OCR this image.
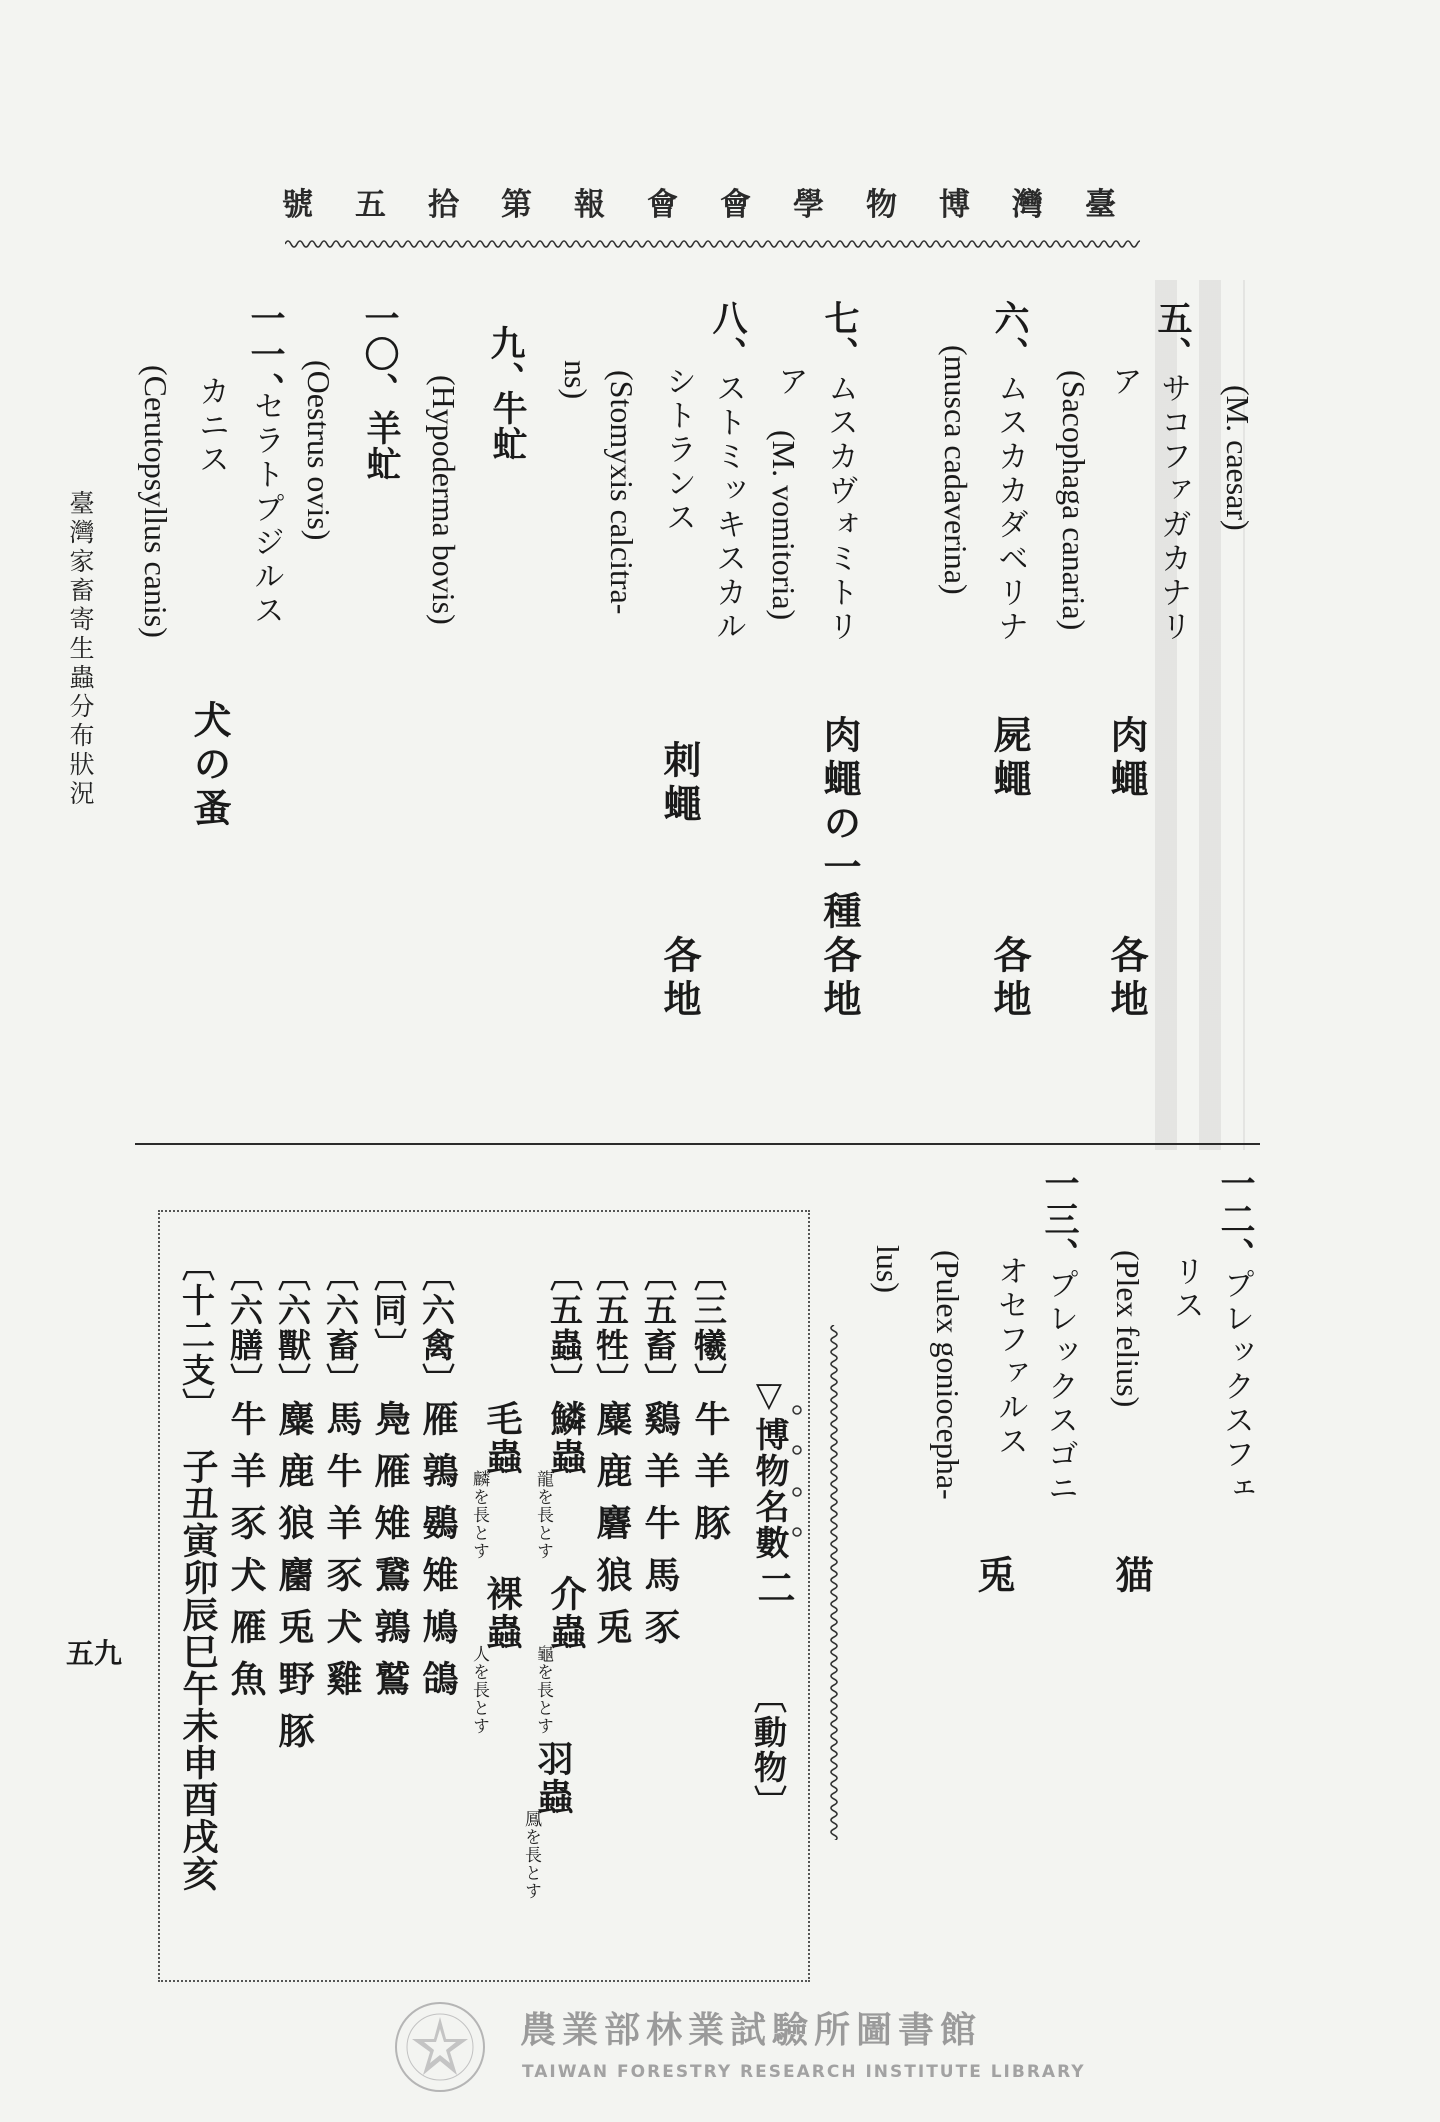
臺灣博物學會會報第拾五號
(M. caesar)
五、
サコファガカナリ
肉蠅
各地
ア
(Sacophaga canaria)
六、
ムスカカダベリナ
屍蠅
各地
(musca cadaverina)
七、
ムスカヴォミトリ
肉蠅の一種
各地
ア
(M. vomitoria)
八、
ストミッキスカル
シトランス
刺蠅
各地
(Stomyxis calcitra-
ns)
九、
牛虻
(Hypoderma bovis)
一〇、
羊虻
(Oestrus ovis)
一一、
セラトプジルス
犬の蚤
カニス
(Cerutopsyllus canis)
臺灣家畜寄生蟲分布狀況
一二、
プレックスフェ
リス
猫
(Plex felius)
一三、
プレックスゴニ
オセファルス
兎
(Pulex goniocepha-
lus)
▽博物名數
二
〔動物〕
〔三犧〕
牛羊豚
〔五畜〕
鷄羊牛馬豕
〔五牲〕
麋鹿麏狼兎
〔五蟲〕
鱗蟲
龍を長とす
介蟲
龜を長とす
羽蟲
鳳を長とす
毛蟲
麟を長とす
裸蟲
人を長とす
〔六禽〕
雁鶉鷃雉鳩鴿
〔同〕
鳧雁雉鵞鶉鷲
〔六畜〕
馬牛羊豕犬雞
〔六獸〕
麋鹿狼麕兎野豚
〔六膳〕
牛羊豕犬雁魚
〔十二支〕
子丑寅卯辰巳午未申酉戌亥
五九
農業部林業試驗所圖書館
TAIWAN FORESTRY RESEARCH INSTITUTE LIBRARY
